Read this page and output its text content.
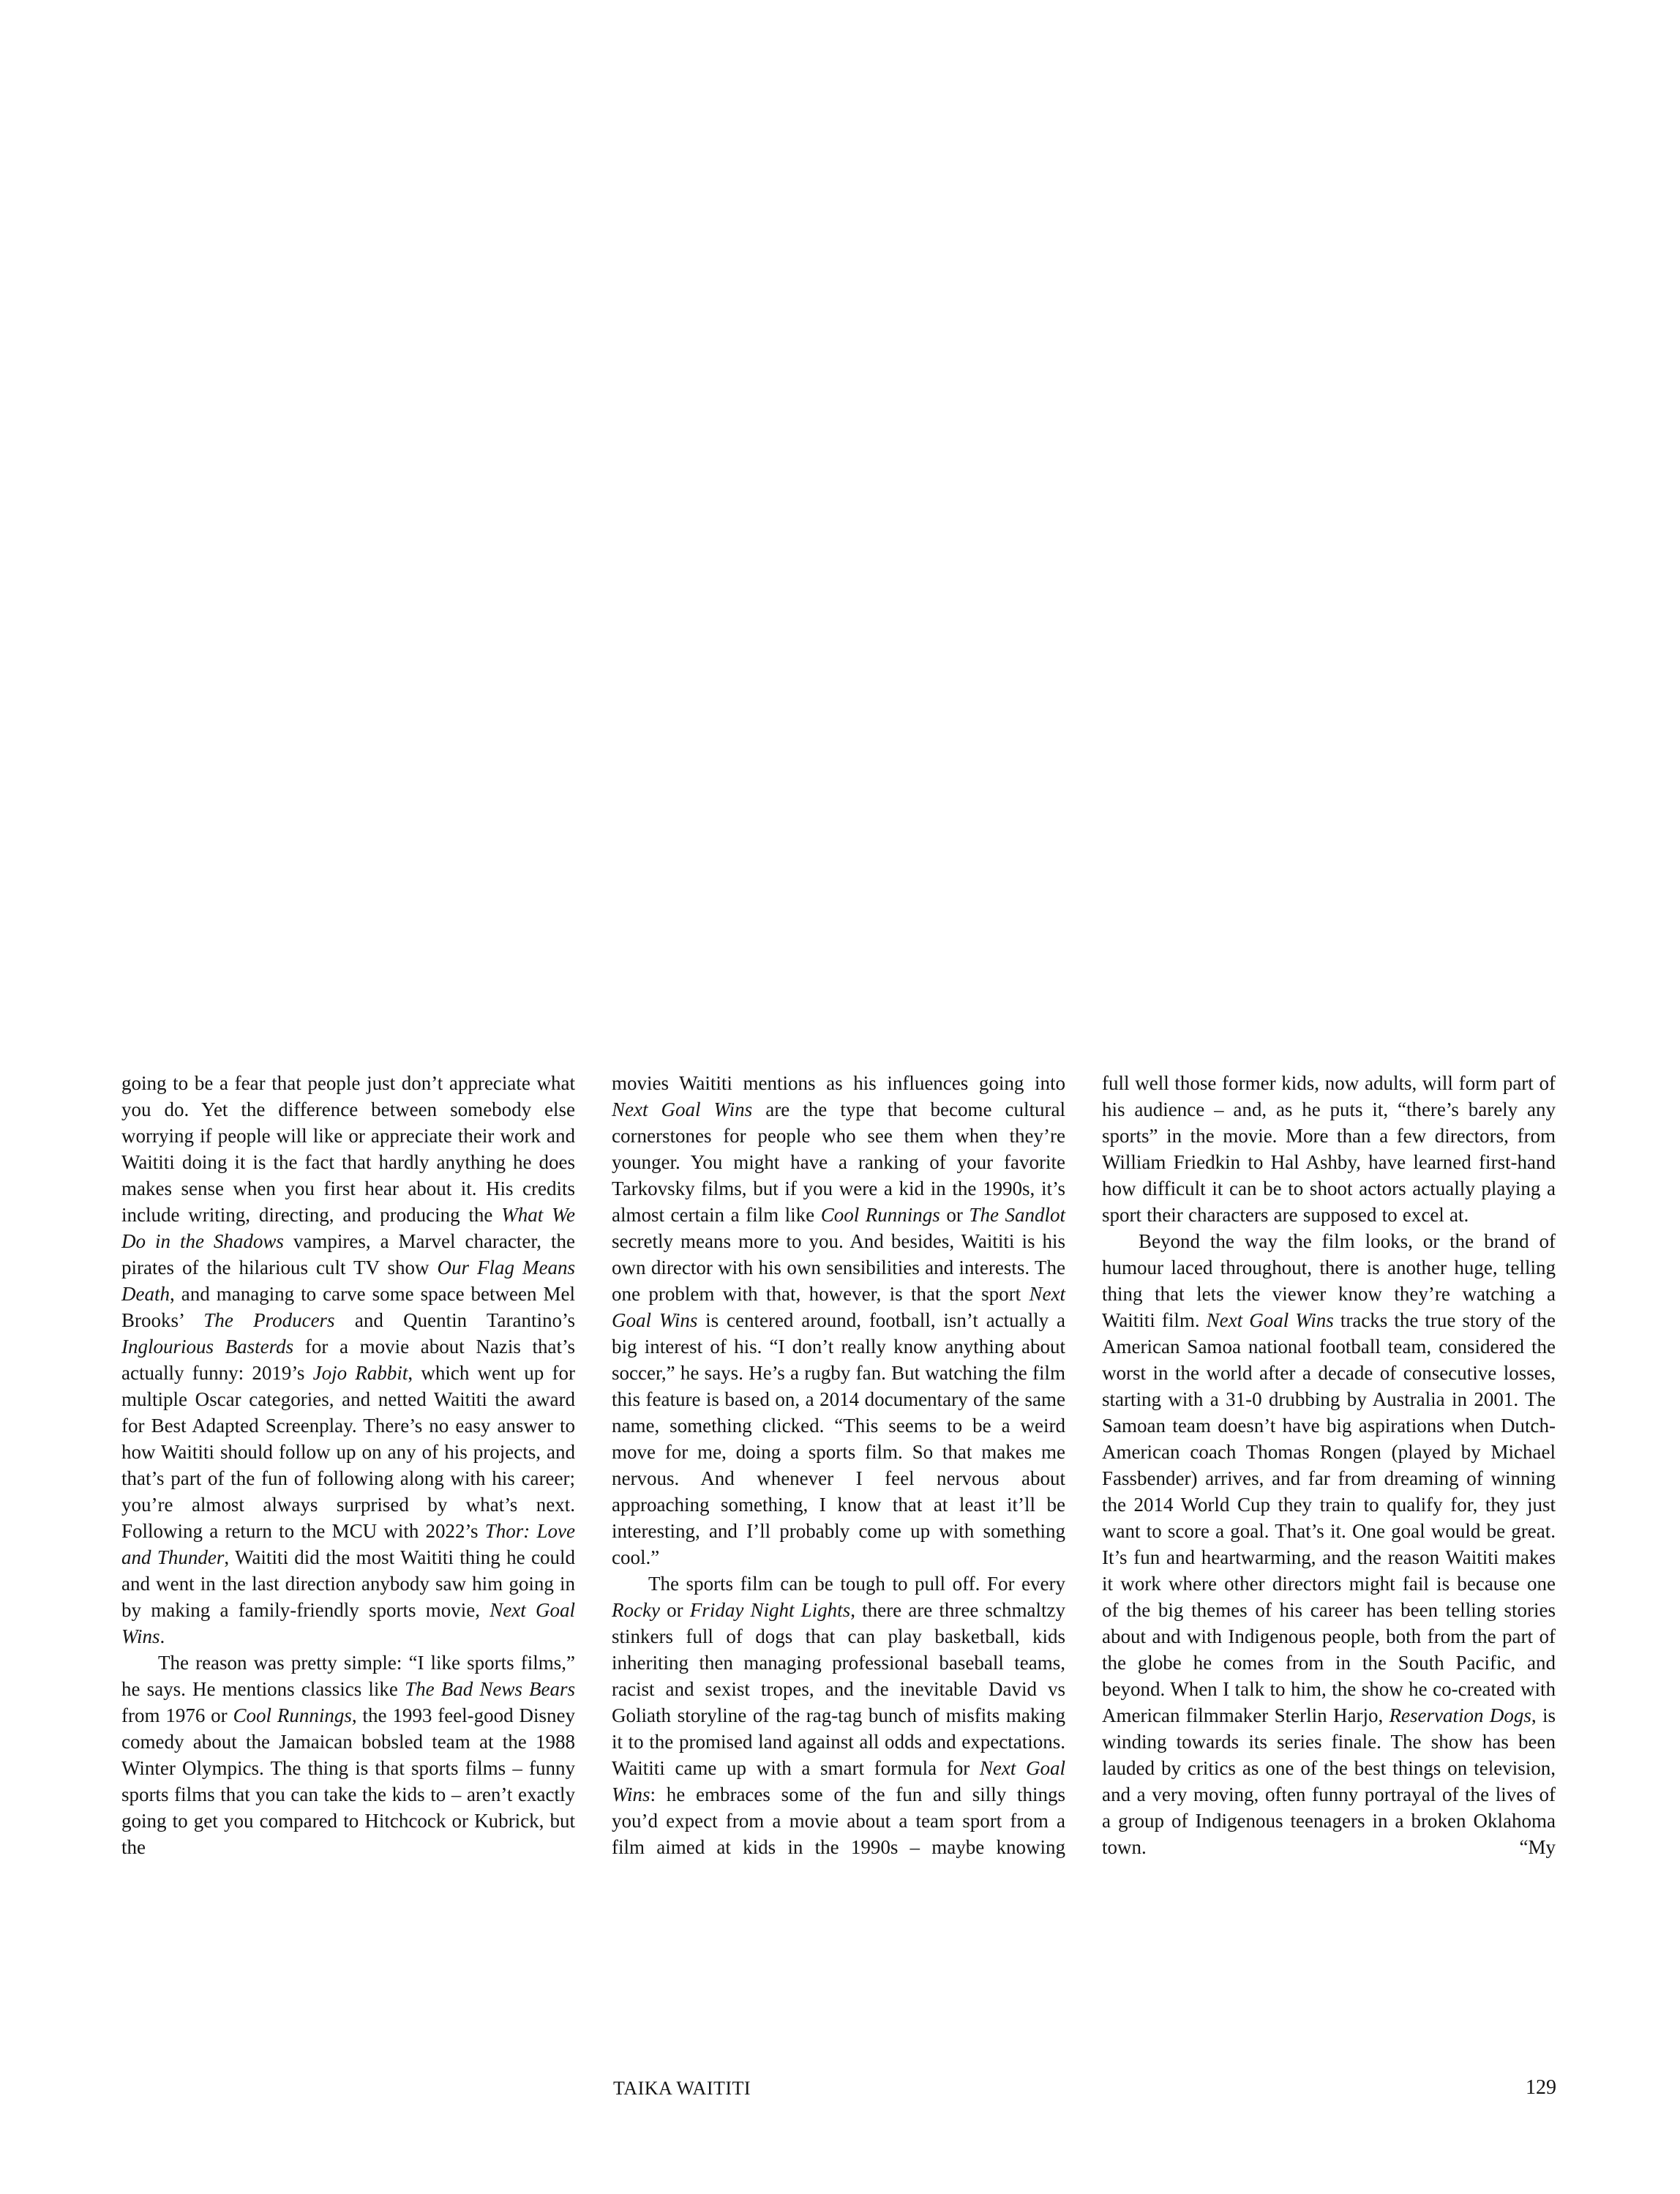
going to be a fear that people just don’t appreciate what you do. Yet the difference between somebody else worrying if people will like or appreciate their work and Waititi doing it is the fact that hardly anything he does makes sense when you first hear about it. His credits include writing, directing, and producing the What We Do in the Shadows vampires, a Marvel character, the pirates of the hilarious cult TV show Our Flag Means Death, and managing to carve some space between Mel Brooks’ The Producers and Quentin Tarantino’s Inglourious Basterds for a movie about Nazis that’s actually funny: 2019’s Jojo Rabbit, which went up for multiple Oscar categories, and netted Waititi the award for Best Adapted Screenplay. There’s no easy answer to how Waititi should follow up on any of his projects, and that’s part of the fun of following along with his career; you’re almost always surprised by what’s next. Following a return to the MCU with 2022’s Thor: Love and Thunder, Waititi did the most Waititi thing he could and went in the last direction anybody saw him going in by making a family-friendly sports movie, Next Goal Wins.

The reason was pretty simple: “I like sports films,” he says. He mentions classics like The Bad News Bears from 1976 or Cool Runnings, the 1993 feel-good Disney comedy about the Jamaican bobsled team at the 1988 Winter Olympics. The thing is that sports films – funny sports films that you can take the kids to – aren’t exactly going to get you compared to Hitchcock or Kubrick, but the

movies Waititi mentions as his influences going into Next Goal Wins are the type that become cultural cornerstones for people who see them when they’re younger. You might have a ranking of your favorite Tarkovsky films, but if you were a kid in the 1990s, it’s almost certain a film like Cool Runnings or The Sandlot secretly means more to you. And besides, Waititi is his own director with his own sensibilities and interests. The one problem with that, however, is that the sport Next Goal Wins is centered around, football, isn’t actually a big interest of his. “I don’t really know anything about soccer,” he says. He’s a rugby fan. But watching the film this feature is based on, a 2014 documentary of the same name, something clicked. “This seems to be a weird move for me, doing a sports film. So that makes me nervous. And whenever I feel nervous about approaching something, I know that at least it’ll be interesting, and I’ll probably come up with something cool.”

The sports film can be tough to pull off. For every Rocky or Friday Night Lights, there are three schmaltzy stinkers full of dogs that can play basketball, kids inheriting then managing professional baseball teams, racist and sexist tropes, and the inevitable David vs Goliath storyline of the rag-tag bunch of misfits making it to the promised land against all odds and expectations. Waititi came up with a smart formula for Next Goal Wins: he embraces some of the fun and silly things you’d expect from a movie about a team sport from a film aimed at kids in the 1990s – maybe knowing

full well those former kids, now adults, will form part of his audience – and, as he puts it, “there’s barely any sports” in the movie. More than a few directors, from William Friedkin to Hal Ashby, have learned first-hand how difficult it can be to shoot actors actually playing a sport their characters are supposed to excel at.

Beyond the way the film looks, or the brand of humour laced throughout, there is another huge, telling thing that lets the viewer know they’re watching a Waititi film. Next Goal Wins tracks the true story of the American Samoa national football team, considered the worst in the world after a decade of consecutive losses, starting with a 31-0 drubbing by Australia in 2001. The Samoan team doesn’t have big aspirations when Dutch-American coach Thomas Rongen (played by Michael Fassbender) arrives, and far from dreaming of winning the 2014 World Cup they train to qualify for, they just want to score a goal. That’s it. One goal would be great. It’s fun and heartwarming, and the reason Waititi makes it work where other directors might fail is because one of the big themes of his career has been telling stories about and with Indigenous people, both from the part of the globe he comes from in the South Pacific, and beyond. When I talk to him, the show he co-created with American filmmaker Sterlin Harjo, Reservation Dogs, is winding towards its series finale. The show has been lauded by critics as one of the best things on television, and a very moving, often funny portrayal of the lives of a group of Indigenous teenagers in a broken Oklahoma town. “My

TAIKA WAITITI	129
